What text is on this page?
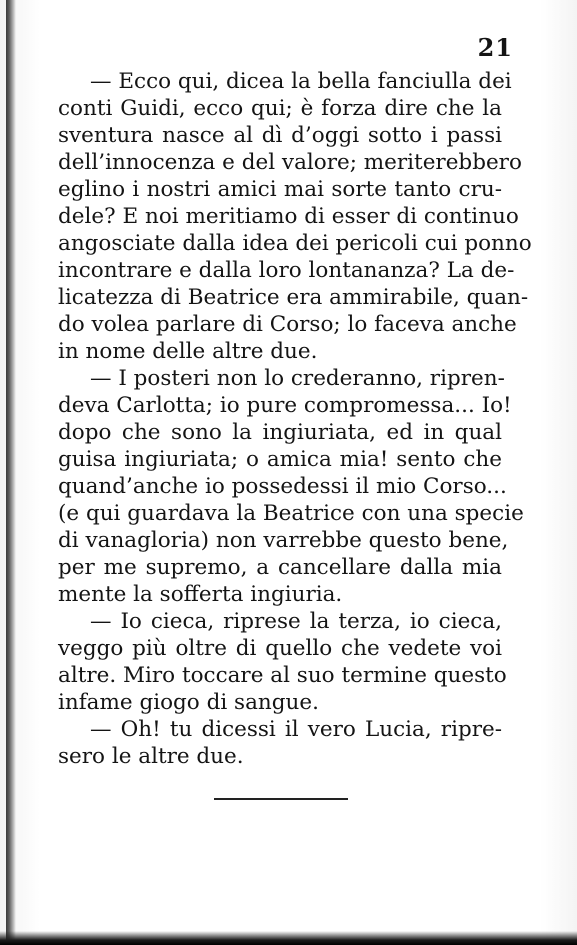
21
— Ecco qui, dicea la bella fanciulla dei
conti Guidi, ecco qui; è forza dire che la
sventura nasce al dì d’oggi sotto i passi
dell’innocenza e del valore; meriterebbero
eglino i nostri amici mai sorte tanto cru-
dele? E noi meritiamo di esser di continuo
angosciate dalla idea dei pericoli cui ponno
incontrare e dalla loro lontananza? La de-
licatezza di Beatrice era ammirabile, quan-
do volea parlare di Corso; lo faceva anche
in nome delle altre due.
— I posteri non lo crederanno, ripren-
deva Carlotta; io pure compromessa... Io!
dopo che sono la ingiuriata, ed in qual
guisa ingiuriata; o amica mia! sento che
quand’anche io possedessi il mio Corso...
(e qui guardava la Beatrice con una specie
di vanagloria) non varrebbe questo bene,
per me supremo, a cancellare dalla mia
mente la sofferta ingiuria.
— Io cieca, riprese la terza, io cieca,
veggo più oltre di quello che vedete voi
altre. Miro toccare al suo termine questo
infame giogo di sangue.
— Oh! tu dicessi il vero Lucia, ripre-
sero le altre due.
